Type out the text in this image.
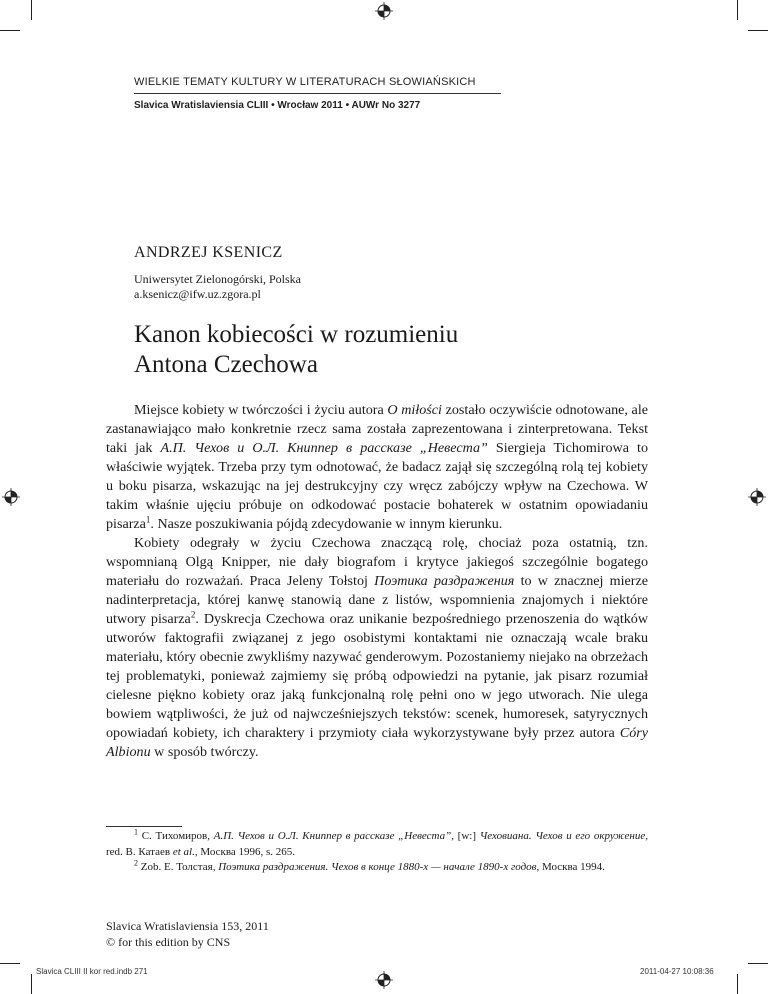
WIELKIE TEMATY KULTURY W LITERATURACH SŁOWIAŃSKICH
Slavica Wratislaviensia CLIII • Wrocław 2011 • AUWr No 3277
ANDRZEJ KSENICZ
Uniwersytet Zielonogórski, Polska
a.ksenicz@ifw.uz.zgora.pl
Kanon kobiecości w rozumieniu
Antona Czechowa

Miejsce kobiety w twórczości i życiu autora O miłości zostało oczywiście odnotowane, ale zastanawiająco mało konkretnie rzecz sama została zaprezentowana i zinterpretowana. Tekst taki jak А.П. Чехов и О.Л. Книппер в рассказе „Невеста” Siergieja Tichomirowa to właściwie wyjątek. Trzeba przy tym odnotować, że badacz zajął się szczególną rolą tej kobiety u boku pisarza, wskazując na jej destrukcyjny czy wręcz zabójczy wpływ na Czechowa. W takim właśnie ujęciu próbuje on odkodować postacie bohaterek w ostatnim opowiadaniu pisarza$^1$. Nasze poszukiwania pójdą zdecydowanie w innym kierunku.

Kobiety odegrały w życiu Czechowa znaczącą rolę, chociaż poza ostatnią, tzn. wspomnianą Olgą Knipper, nie dały biografom i krytyce jakiegoś szczególnie bogatego materiału do rozważań. Praca Jeleny Tołstoj Поэтика раздражения to w znacznej mierze nadinterpretacja, której kanwę stanowią dane z listów, wspomnienia znajomych i niektóre utwory pisarza$^2$. Dyskrecja Czechowa oraz unikanie bezpośredniego przenoszenia do wątków utworów faktografii związanej z jego osobistymi kontaktami nie oznaczają wcale braku materiału, który obecnie zwykliśmy nazywać genderowym. Pozostaniemy niejako na obrzeżach tej problematyki, ponieważ zajmiemy się próbą odpowiedzi na pytanie, jak pisarz rozumiał cielesne piękno kobiety oraz jaką funkcjonalną rolę pełni ono w jego utworach. Nie ulega bowiem wątpliwości, że już od najwcześniejszych tekstów: scenek, humoresek, satyrycznych opowiadań kobiety, ich charaktery i przymioty ciała wykorzystywane były przez autora Córy Albionu w sposób twórczy.

$^1$ С. Тихомиров, А.П. Чехов и О.Л. Книппер в рассказе „Невеста”, [w:] Чеховиана. Чехов и его окружение, red. В. Катаев et al., Москва 1996, s. 265.

$^2$ Zob. Е. Толстая, Поэтика раздражения. Чехов в конце 1880-х — начале 1890-х годов, Москва 1994.

Slavica Wratislaviensia 153, 2011
© for this edition by CNS
Slavica CLIII II kor red.indb 271	2011-04-27 10:08:36
